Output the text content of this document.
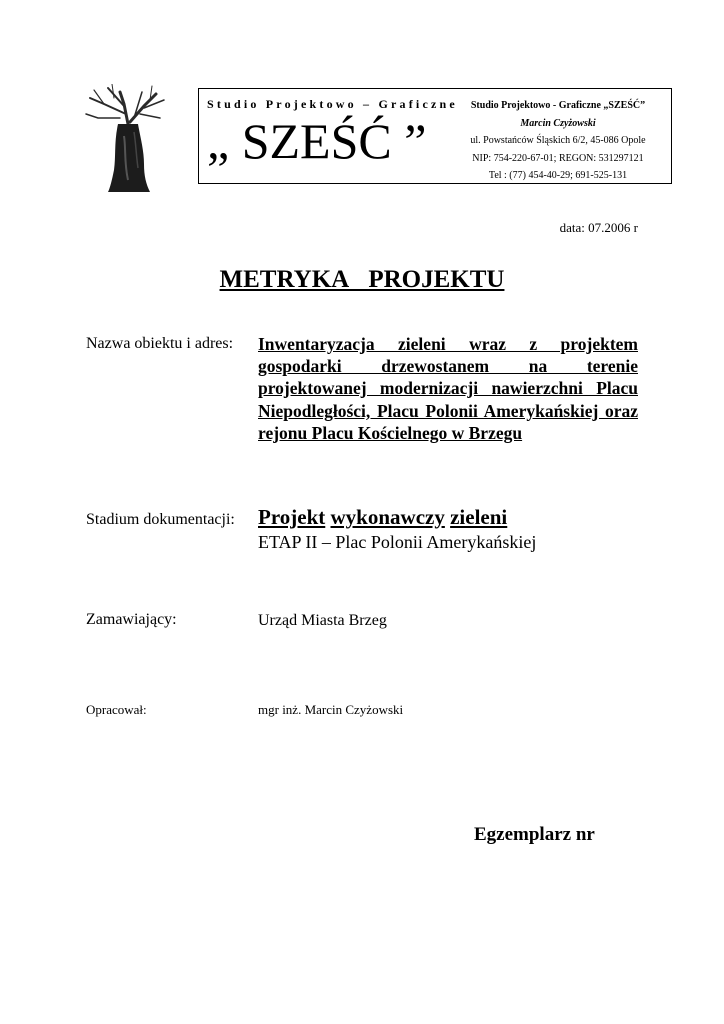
Studio Projektowo – Graficzne
„ SZEŚĆ ”
Studio Projektowo - Graficzne „SZEŚĆ”
Marcin Czyżowski
ul. Powstańców Śląskich 6/2, 45-086 Opole
NIP: 754-220-67-01; REGON: 531297121
Tel : (77) 454-40-29; 691-525-131
data: 07.2006 r
METRYKA  PROJEKTU
Nazwa obiektu i adres: Inwentaryzacja zieleni wraz z projektem gospodarki drzewostanem na terenie projektowanej modernizacji nawierzchni Placu Niepodległości, Placu Polonii Amerykańskiej oraz rejonu Placu Kościelnego w Brzegu
Stadium dokumentacji: Projekt wykonawczy zieleni
ETAP II – Plac Polonii Amerykańskiej
Zamawiający:	Urząd Miasta Brzeg
Opracował:	mgr inż. Marcin Czyżowski
Egzemplarz nr
